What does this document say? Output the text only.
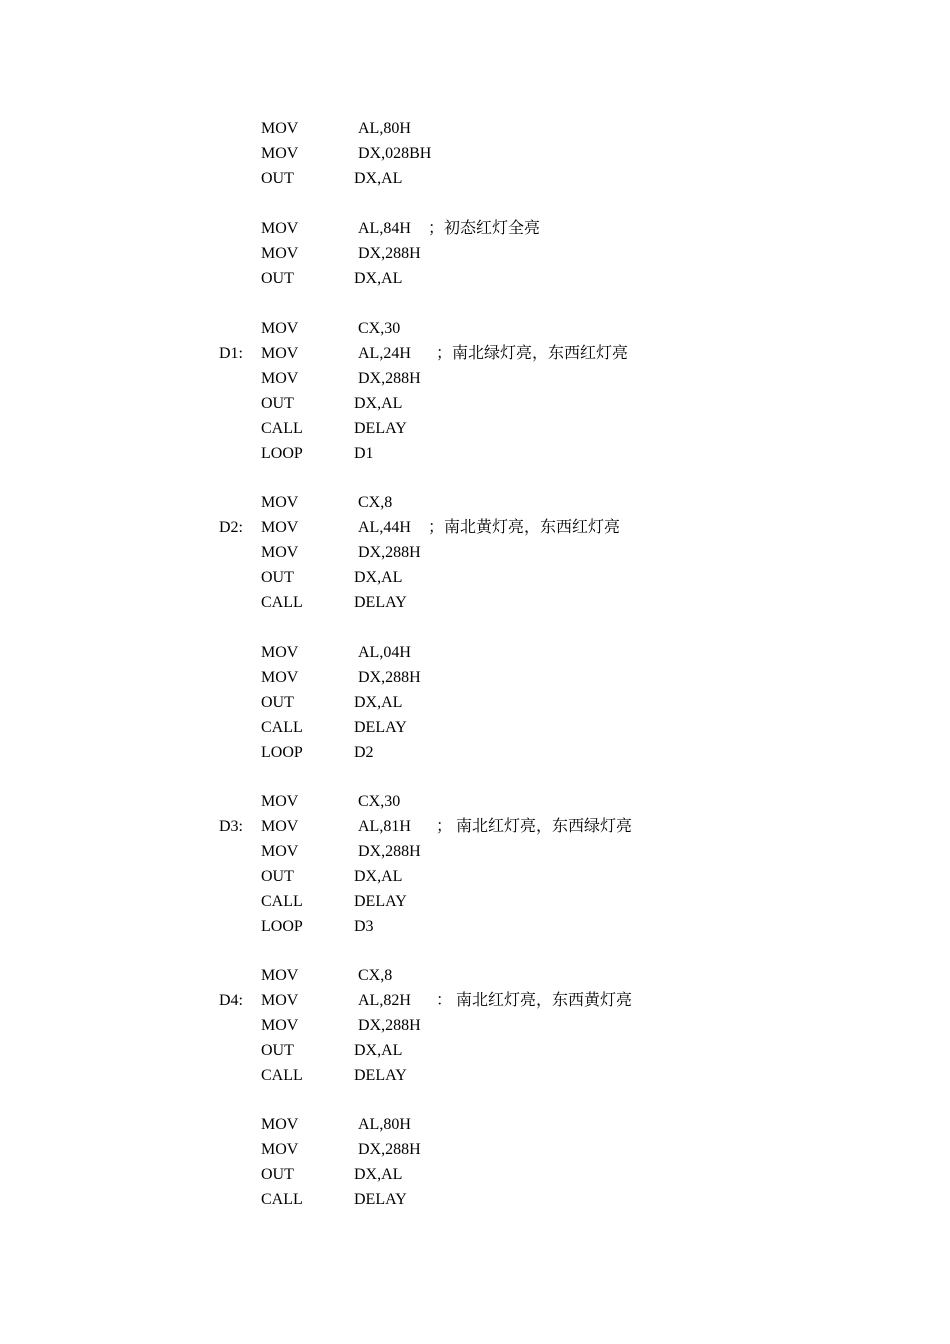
MOV	AL,80H
MOV	DX,028BH
OUT	DX,AL
MOV	AL,84H ；初态红灯全亮
MOV	DX,288H
OUT	DX,AL
MOV	CX,30
D1: MOV	AL,24H ；南北绿灯亮，东西红灯亮
MOV	DX,288H
OUT	DX,AL
CALL	DELAY
LOOP	D1
MOV	CX,8
D2: MOV	AL,44H ；南北黄灯亮，东西红灯亮
MOV	DX,288H
OUT	DX,AL
CALL	DELAY
MOV	AL,04H
MOV	DX,288H
OUT	DX,AL
CALL	DELAY
LOOP	D2
MOV	CX,30
D3: MOV	AL,81H ； 南北红灯亮，东西绿灯亮
MOV	DX,288H
OUT	DX,AL
CALL	DELAY
LOOP	D3
MOV	CX,8
D4: MOV	AL,82H ： 南北红灯亮，东西黄灯亮
MOV	DX,288H
OUT	DX,AL
CALL	DELAY
MOV	AL,80H
MOV	DX,288H
OUT	DX,AL
CALL	DELAY
